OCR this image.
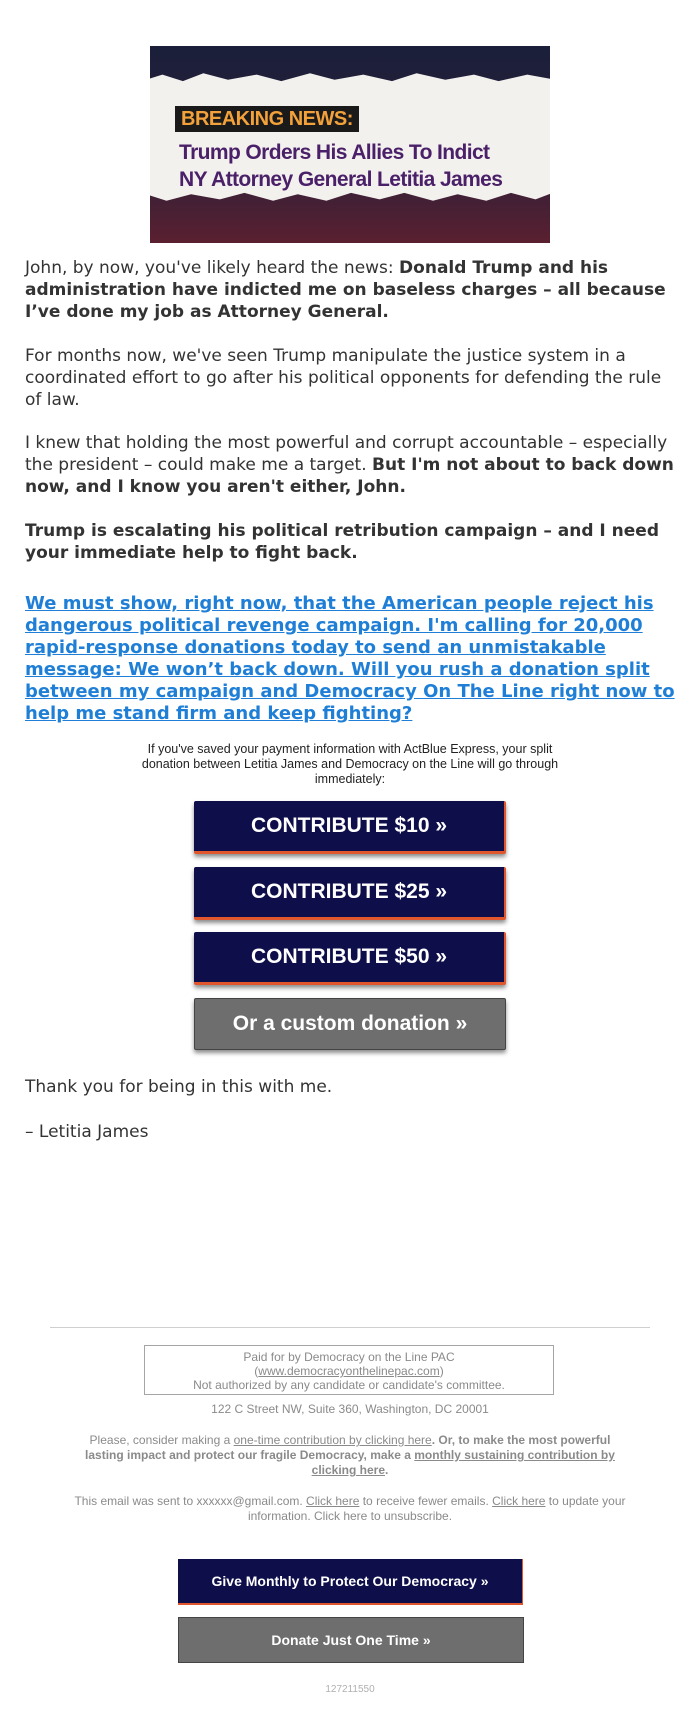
BREAKING NEWS:
Trump Orders His Allies To Indict
NY Attorney General Letitia James
John, by now, you've likely heard the news: Donald Trump and his administration have indicted me on baseless charges – all because I’ve done my job as Attorney General.
For months now, we've seen Trump manipulate the justice system in a coordinated effort to go after his political opponents for defending the rule of law.
I knew that holding the most powerful and corrupt accountable – especially the president – could make me a target. But I'm not about to back down now, and I know you aren't either, John.
Trump is escalating his political retribution campaign – and I need your immediate help to fight back.
We must show, right now, that the American people reject his dangerous political revenge campaign. I'm calling for 20,000 rapid-response donations today to send an unmistakable message: We won’t back down. Will you rush a donation split between my campaign and Democracy On The Line right now to help me stand firm and keep fighting?
If you've saved your payment information with ActBlue Express, your split donation between Letitia James and Democracy on the Line will go through immediately:
CONTRIBUTE $10 »
CONTRIBUTE $25 »
CONTRIBUTE $50 »
Or a custom donation »
Thank you for being in this with me.
– Letitia James
Paid for by Democracy on the Line PAC
(www.democracyonthelinepac.com)
Not authorized by any candidate or candidate's committee.
122 C Street NW, Suite 360, Washington, DC 20001
Please, consider making a one-time contribution by clicking here. Or, to make the most powerful lasting impact and protect our fragile Democracy, make a monthly sustaining contribution by clicking here.
This email was sent to xxxxxx@gmail.com. Click here to receive fewer emails. Click here to update your information. Click here to unsubscribe.
Give Monthly to Protect Our Democracy »
Donate Just One Time »
127211550
